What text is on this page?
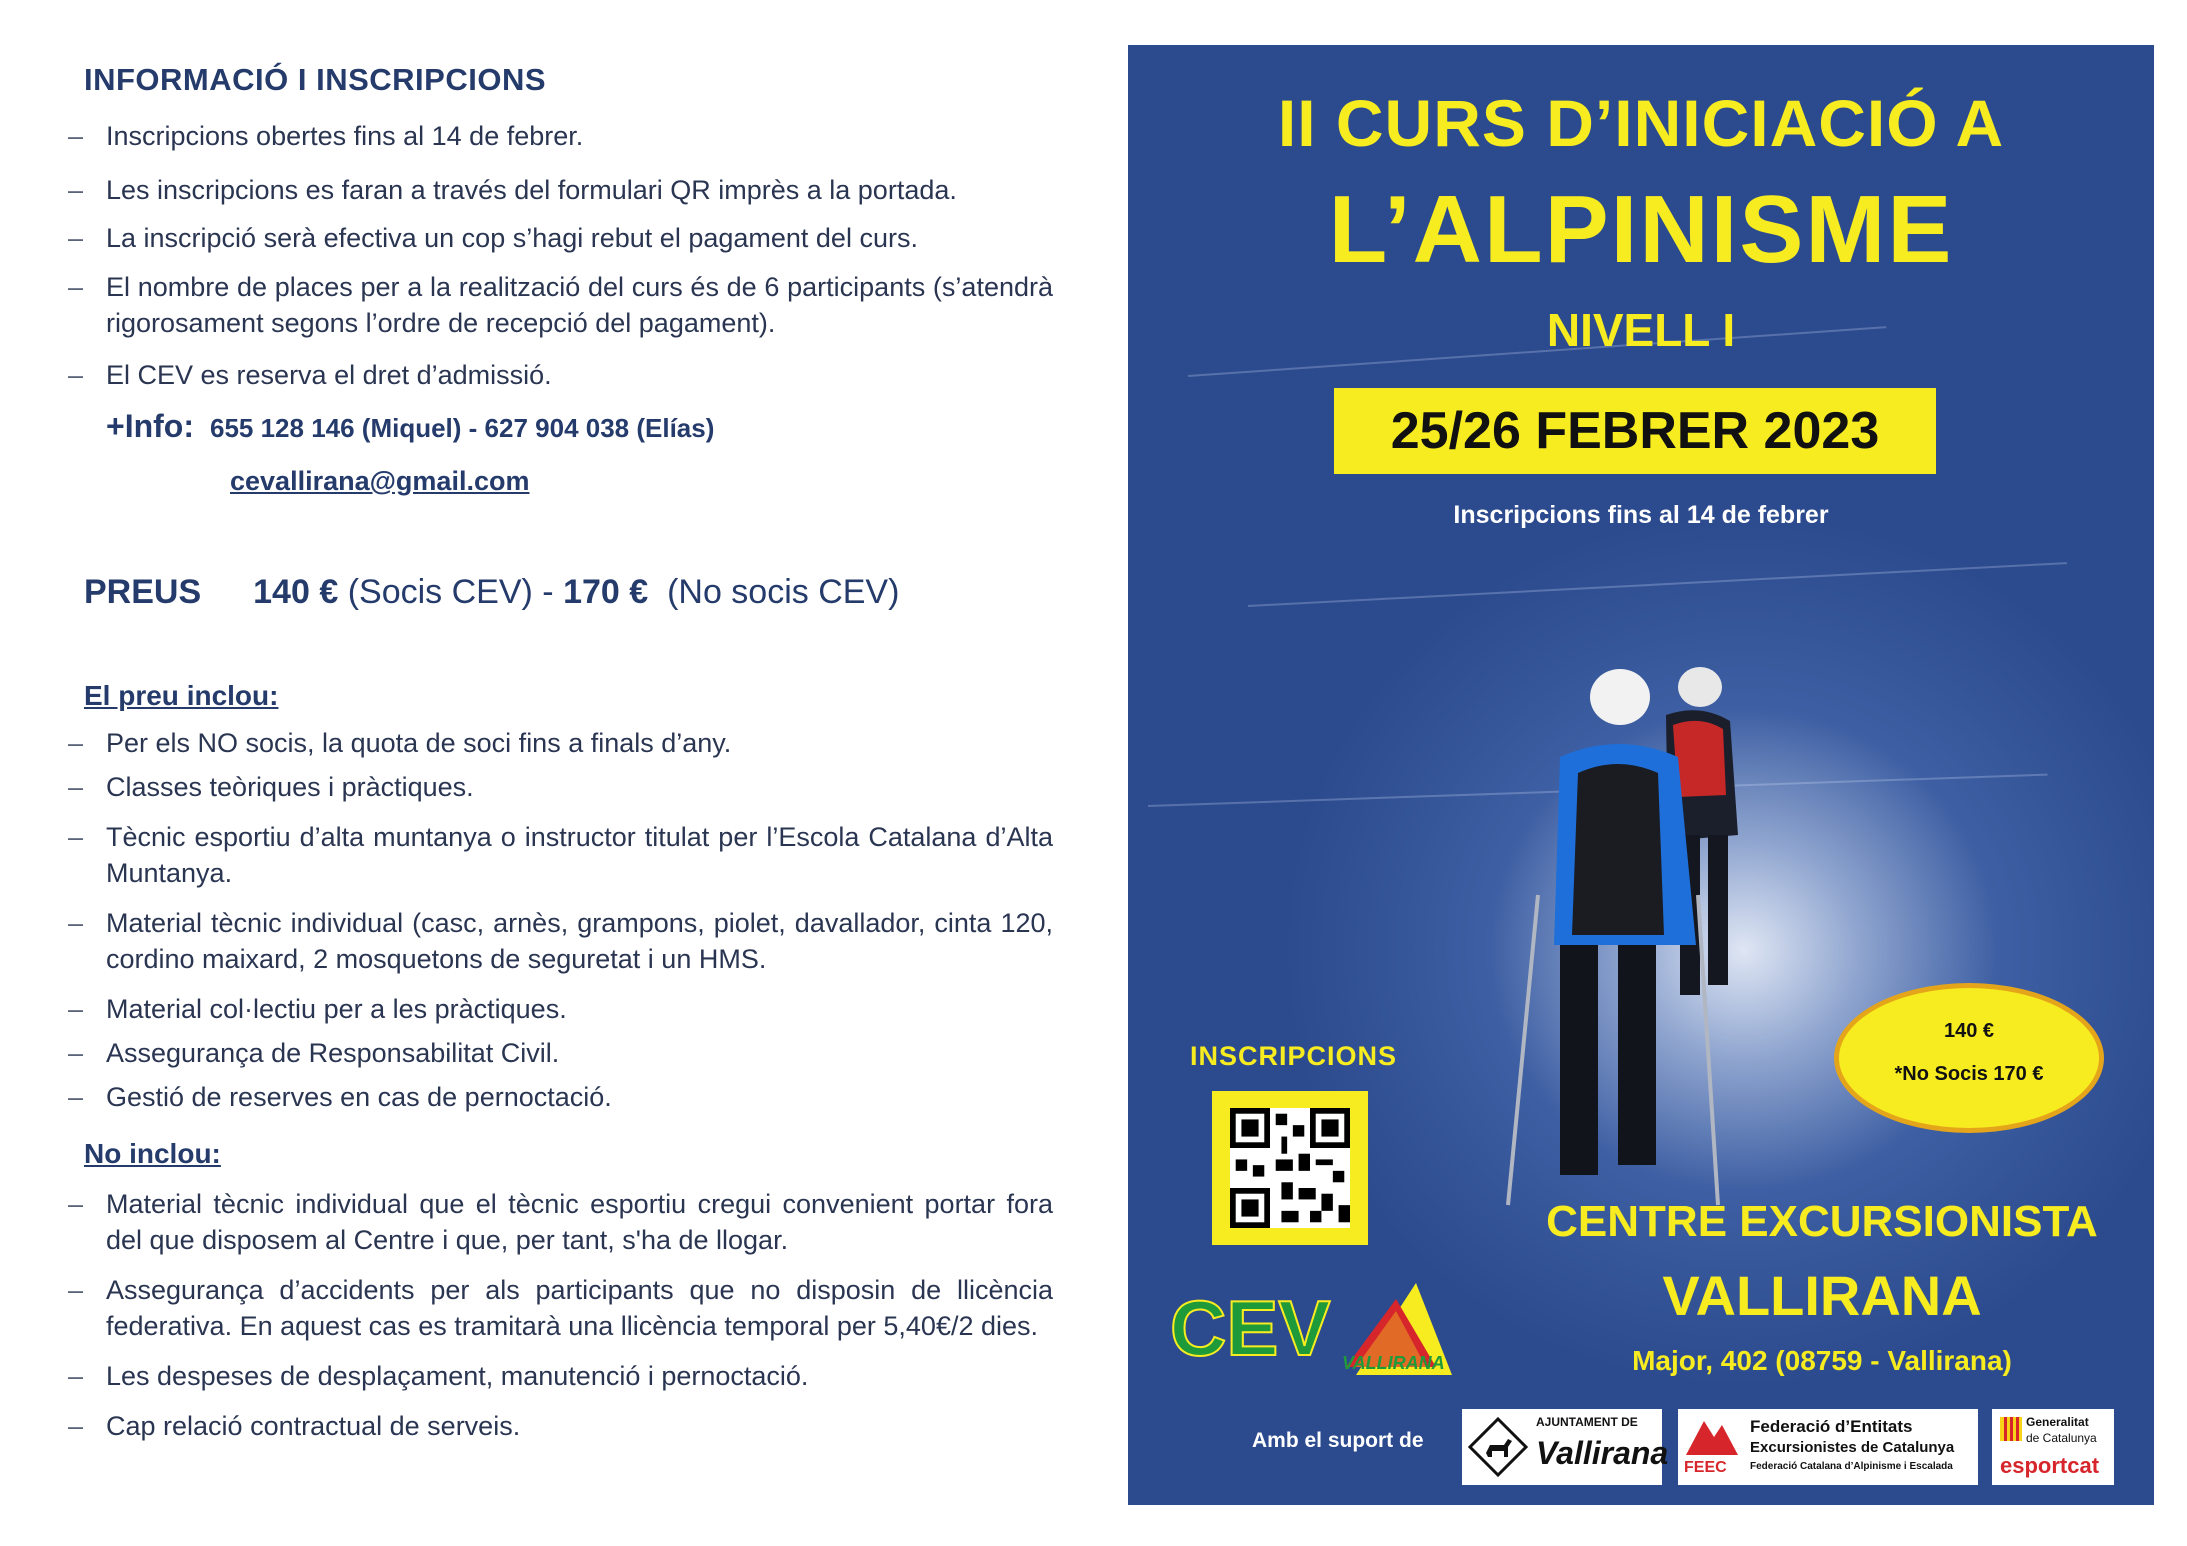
INFORMACIÓ I INSCRIPCIONS
– Inscripcions obertes fins al 14 de febrer.
– Les inscripcions es faran a través del formulari QR imprès a la portada.
– La inscripció serà efectiva un cop s’hagi rebut el pagament del curs.
– El nombre de places per a la realització del curs és de 6 participants (s’atendrà rigorosament segons l’ordre de recepció del pagament).
– El CEV es reserva el dret d’admissió.
+Info: 655 128 146 (Miquel) - 627 904 038 (Elías)
cevallirana@gmail.com
PREUS 140 € (Socis CEV) - 170 € (No socis CEV)
El preu inclou:
– Per els NO socis, la quota de soci fins a finals d’any.
– Classes teòriques i pràctiques.
– Tècnic esportiu d’alta muntanya o instructor titulat per l’Escola Catalana d’Alta Muntanya.
– Material tècnic individual (casc, arnès, grampons, piolet, davallador, cinta 120, cordino maixard, 2 mosquetons de seguretat i un HMS.
– Material col·lectiu per a les pràctiques.
– Assegurança de Responsabilitat Civil.
– Gestió de reserves en cas de pernoctació.
No inclou:
– Material tècnic individual que el tècnic esportiu cregui convenient portar fora del que disposem al Centre i que, per tant, s'ha de llogar.
– Assegurança d’accidents per als participants que no disposin de llicència federativa. En aquest cas es tramitarà una llicència temporal per 5,40€/2 dies.
– Les despeses de desplaçament, manutenció i pernoctació.
– Cap relació contractual de serveis.
II CURS D’INICIACIÓ A
L’ALPINISME
NIVELL I
25/26 FEBRER 2023
Inscripcions fins al 14 de febrer
INSCRIPCIONS
140 €
*No Socis 170 €
CENTRE EXCURSIONISTA
VALLIRANA
Major, 402 (08759 - Vallirana)
CEV VALLIRANA
Amb el suport de
AJUNTAMENT DE
Vallirana FEEC
Federació d’Entitats
Excursionistes de Catalunya
Federació Catalana d’Alpinisme i Escalada
Generalitat
de Catalunya
esportcat
